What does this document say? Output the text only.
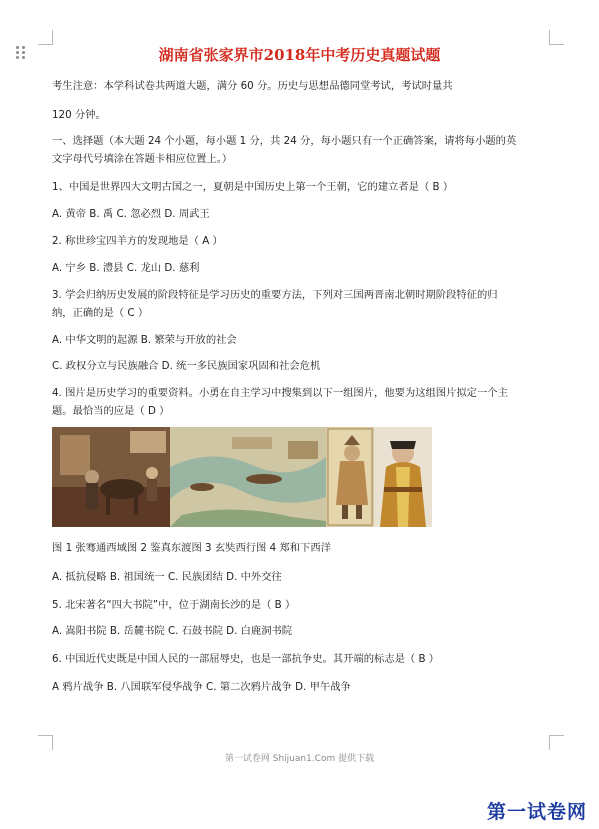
湖南省张家界市2018年中考历史真题试题
考生注意：本学科试卷共两道大题，满分 60 分。历史与思想品德同堂考试，考试时量共
120 分钟。
一、选择题（本大题 24 个小题，每小题 1 分，共 24 分，每小题只有一个正确答案，请将每小题的英
文字母代号填涂在答题卡相应位置上。）
1、中国是世界四大文明古国之一，夏朝是中国历史上第一个王朝，它的建立者是（ B ）
A. 黄帝 B. 禹 C. 忽必烈 D. 周武王
2. 称世珍宝四羊方的发现地是（ A ）
A. 宁乡 B. 澧县 C. 龙山 D. 慈利
3. 学会归纳历史发展的阶段特征是学习历史的重要方法，下列对三国两晋南北朝时期阶段特征的归
纳，正确的是（ C ）
A. 中华文明的起源 B. 繁荣与开放的社会
C. 政权分立与民族融合 D. 统一多民族国家巩固和社会危机
4. 图片是历史学习的重要资料。小勇在自主学习中搜集到以下一组图片，他要为这组图片拟定一个主
题。最恰当的应是（ D ）
图 1 张骞通西域图 2 鉴真东渡图 3 玄奘西行图 4 郑和下西洋
A. 抵抗侵略 B. 祖国统一 C. 民族团结 D. 中外交往
5. 北宋著名“四大书院”中，位于湖南长沙的是（ B ）
A. 嵩阳书院 B. 岳麓书院 C. 石鼓书院 D. 白鹿洞书院
6. 中国近代史既是中国人民的一部屈辱史，也是一部抗争史。其开端的标志是（ B ）
A 鸦片战争 B. 八国联军侵华战争 C. 第二次鸦片战争 D. 甲午战争
第一试卷网 Shijuan1.Com 提供下载
第一试卷网
